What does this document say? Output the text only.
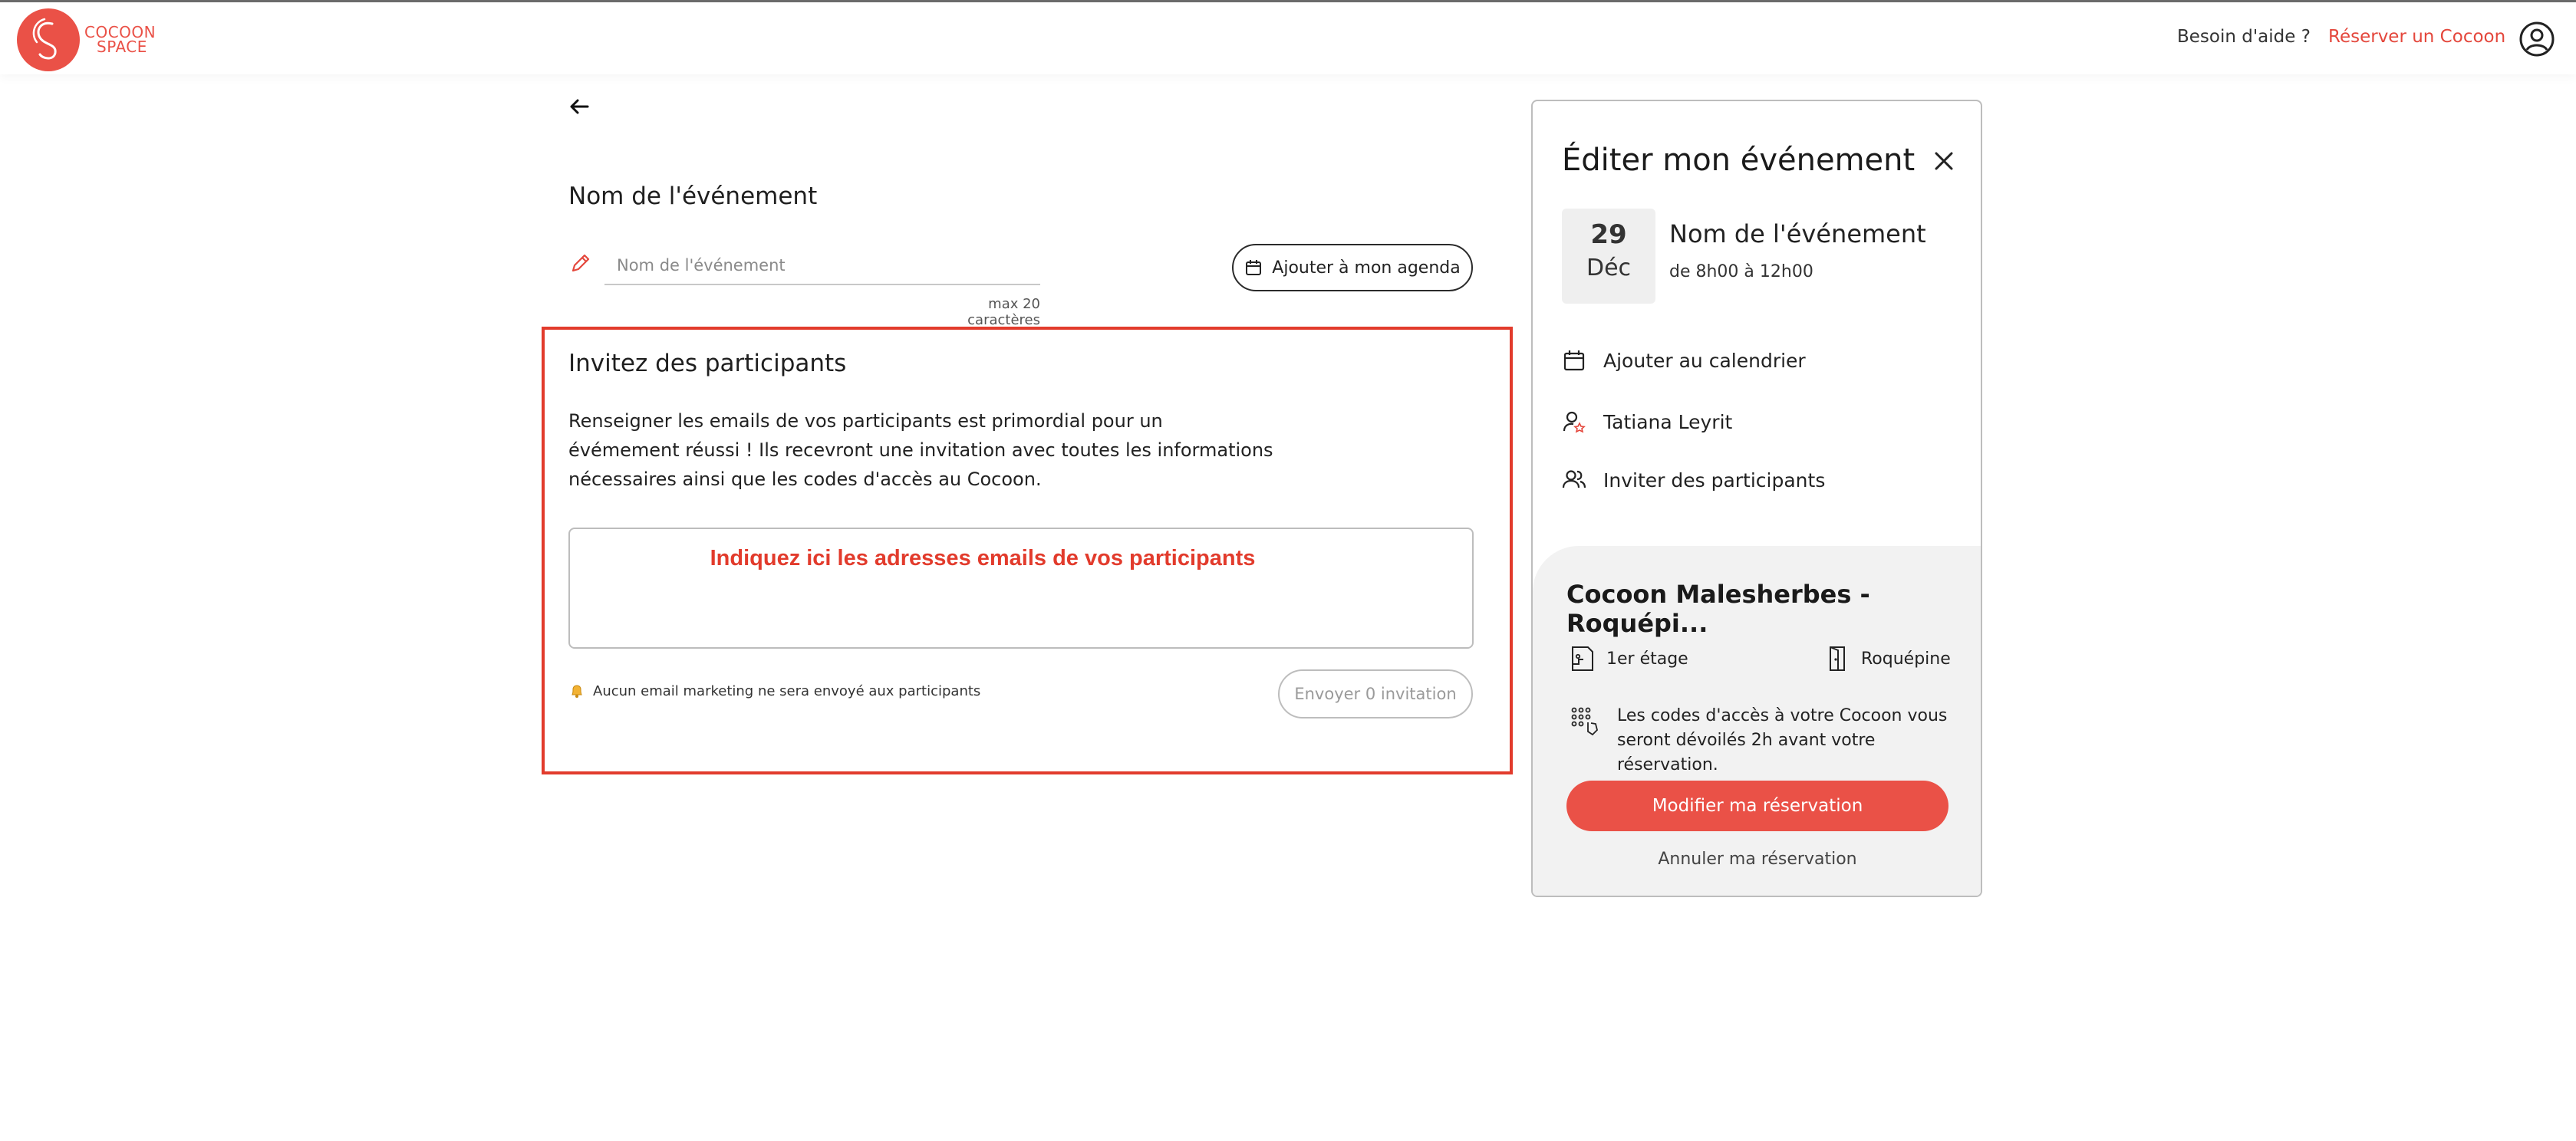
COCOON
SPACE	Besoin d'aide ? Réserver un Cocoon
Nom de l'événement
Nom de l'événement
max 20 caractères
Ajouter à mon agenda
Invitez des participants
Renseigner les emails de vos participants est primordial pour un évémement réussi ! Ils recevront une invitation avec toutes les informations nécessaires ainsi que les codes d'accès au Cocoon.
Indiquez ici les adresses emails de vos participants
Aucun email marketing ne sera envoyé aux participants	Envoyer 0 invitation
Éditer mon événement
29
Déc
Nom de l'événement
de 8h00 à 12h00
Ajouter au calendrier
Tatiana Leyrit
Inviter des participants
Cocoon Malesherbes - Roquépi...
1er étage	Roquépine
Les codes d'accès à votre Cocoon vous seront dévoilés 2h avant votre réservation.
Modifier ma réservation
Annuler ma réservation
